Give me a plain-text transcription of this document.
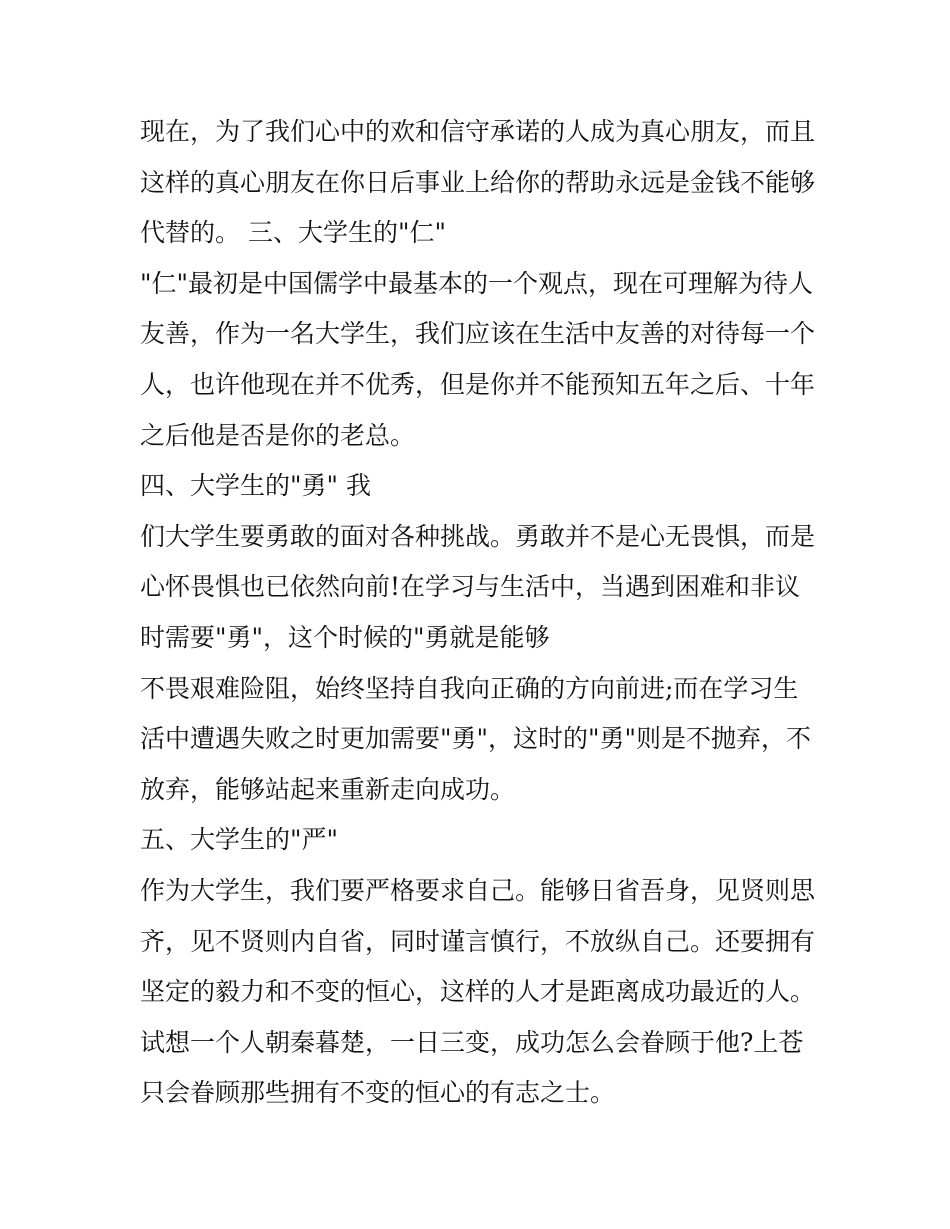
现在，为了我们心中的欢和信守承诺的人成为真心朋友，而且
这样的真心朋友在你日后事业上给你的帮助永远是金钱不能够
代替的。 三、大学生的"仁"
"仁"最初是中国儒学中最基本的一个观点，现在可理解为待人
友善，作为一名大学生，我们应该在生活中友善的对待每一个
人，也许他现在并不优秀，但是你并不能预知五年之后、十年
之后他是否是你的老总。
四、大学生的"勇" 我
们大学生要勇敢的面对各种挑战。勇敢并不是心无畏惧，而是
心怀畏惧也已依然向前!在学习与生活中，当遇到困难和非议
时需要"勇"，这个时候的"勇就是能够
不畏艰难险阻，始终坚持自我向正确的方向前进;而在学习生
活中遭遇失败之时更加需要"勇"，这时的"勇"则是不抛弃，不
放弃，能够站起来重新走向成功。
五、大学生的"严"
作为大学生，我们要严格要求自己。能够日省吾身，见贤则思
齐，见不贤则内自省，同时谨言慎行，不放纵自己。还要拥有
坚定的毅力和不变的恒心，这样的人才是距离成功最近的人。
试想一个人朝秦暮楚，一日三变，成功怎么会眷顾于他?上苍
只会眷顾那些拥有不变的恒心的有志之士。
